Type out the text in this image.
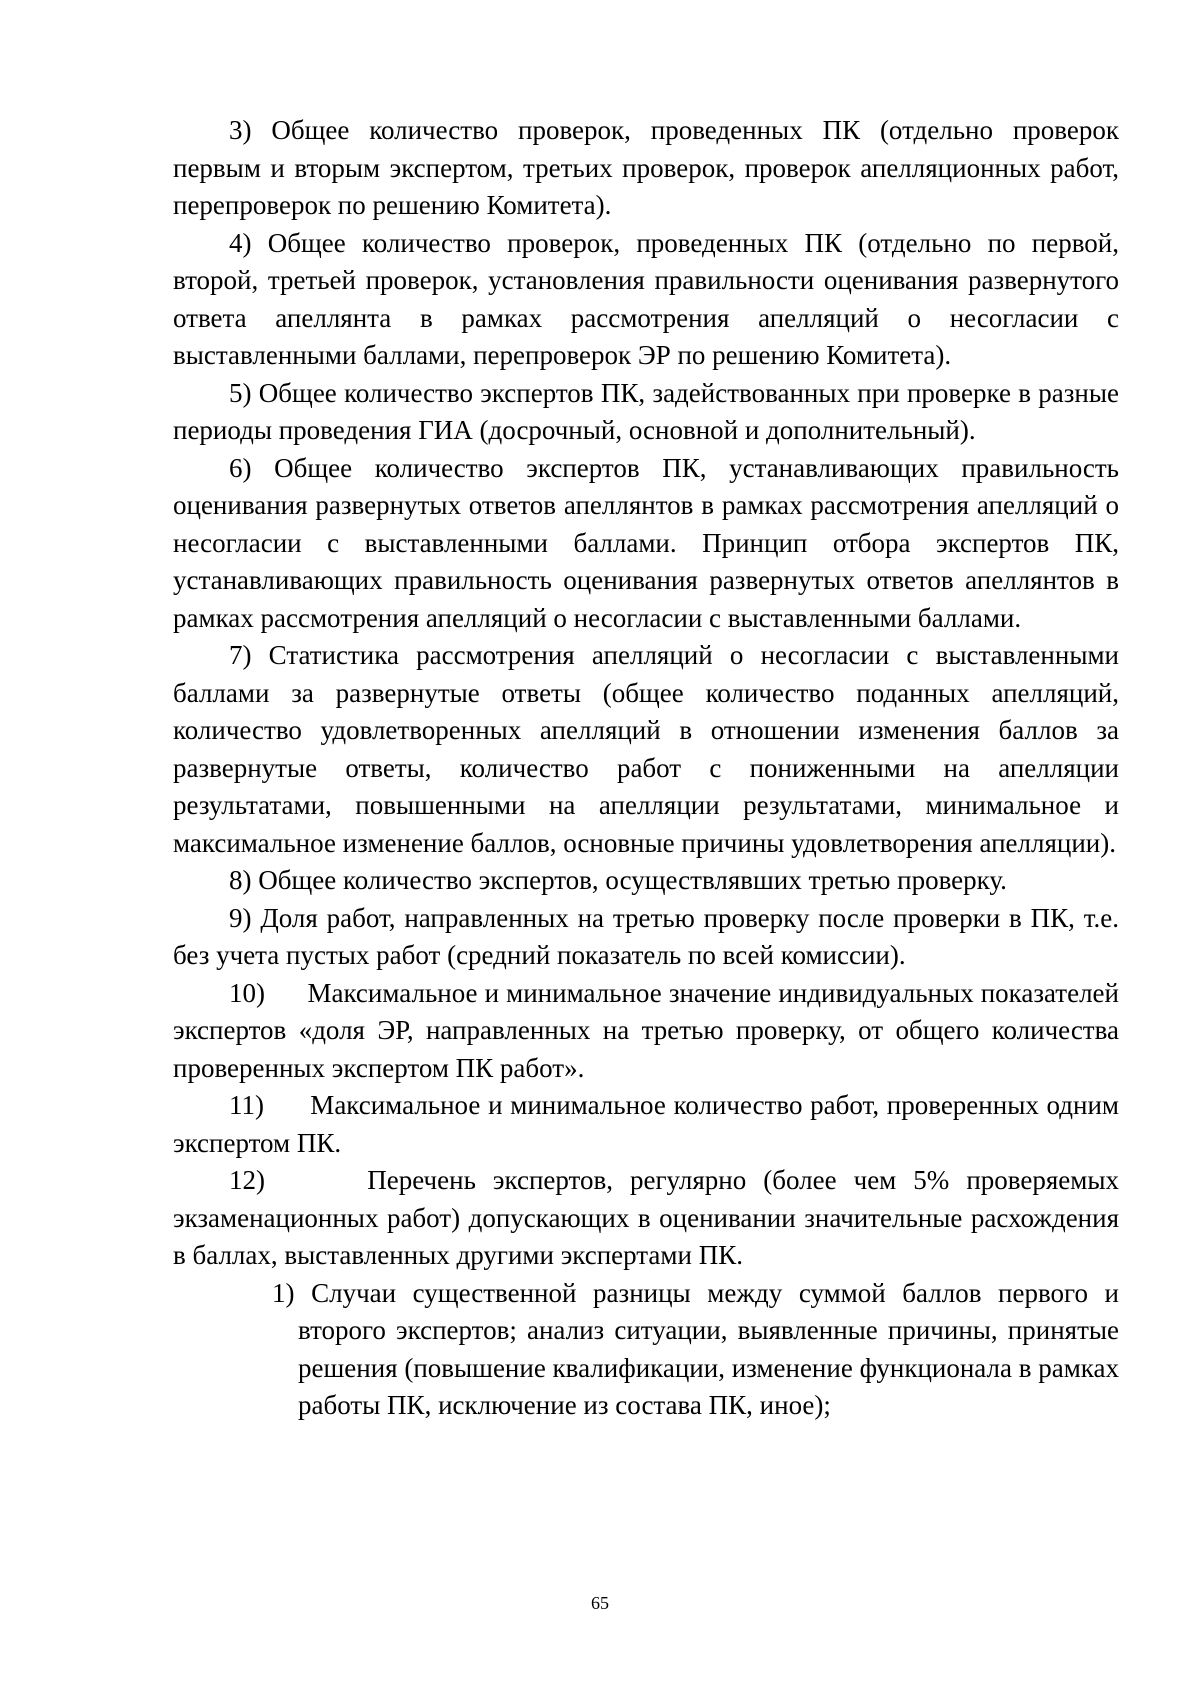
3) Общее количество проверок, проведенных ПК (отдельно проверок первым и вторым экспертом, третьих проверок, проверок апелляционных работ, перепроверок по решению Комитета).

4) Общее количество проверок, проведенных ПК (отдельно по первой, второй, третьей проверок, установления правильности оценивания развернутого ответа апеллянта в рамках рассмотрения апелляций о несогласии с выставленными баллами, перепроверок ЭР по решению Комитета).

5) Общее количество экспертов ПК, задействованных при проверке в разные периоды проведения ГИА (досрочный, основной и дополнительный).

6) Общее количество экспертов ПК, устанавливающих правильность оценивания развернутых ответов апеллянтов в рамках рассмотрения апелляций о несогласии с выставленными баллами. Принцип отбора экспертов ПК, устанавливающих правильность оценивания развернутых ответов апеллянтов в рамках рассмотрения апелляций о несогласии с выставленными баллами.

7) Статистика рассмотрения апелляций о несогласии с выставленными баллами за развернутые ответы (общее количество поданных апелляций, количество удовлетворенных апелляций в отношении изменения баллов за развернутые ответы, количество работ с пониженными на апелляции результатами, повышенными на апелляции результатами, минимальное и максимальное изменение баллов, основные причины удовлетворения апелляции).

8) Общее количество экспертов, осуществлявших третью проверку.

9) Доля работ, направленных на третью проверку после проверки в ПК, т.е. без учета пустых работ (средний показатель по всей комиссии).

10)      Максимальное и минимальное значение индивидуальных показателей экспертов «доля ЭР, направленных на третью проверку, от общего количества проверенных экспертом ПК работ».

11)      Максимальное и минимальное количество работ, проверенных одним экспертом ПК.

12)      Перечень экспертов, регулярно (более чем 5% проверяемых экзаменационных работ) допускающих в оценивании значительные расхождения в баллах, выставленных другими экспертами ПК.

1) Случаи существенной разницы между суммой баллов первого и второго экспертов; анализ ситуации, выявленные причины, принятые решения (повышение квалификации, изменение функционала в рамках работы ПК, исключение из состава ПК, иное);

65
